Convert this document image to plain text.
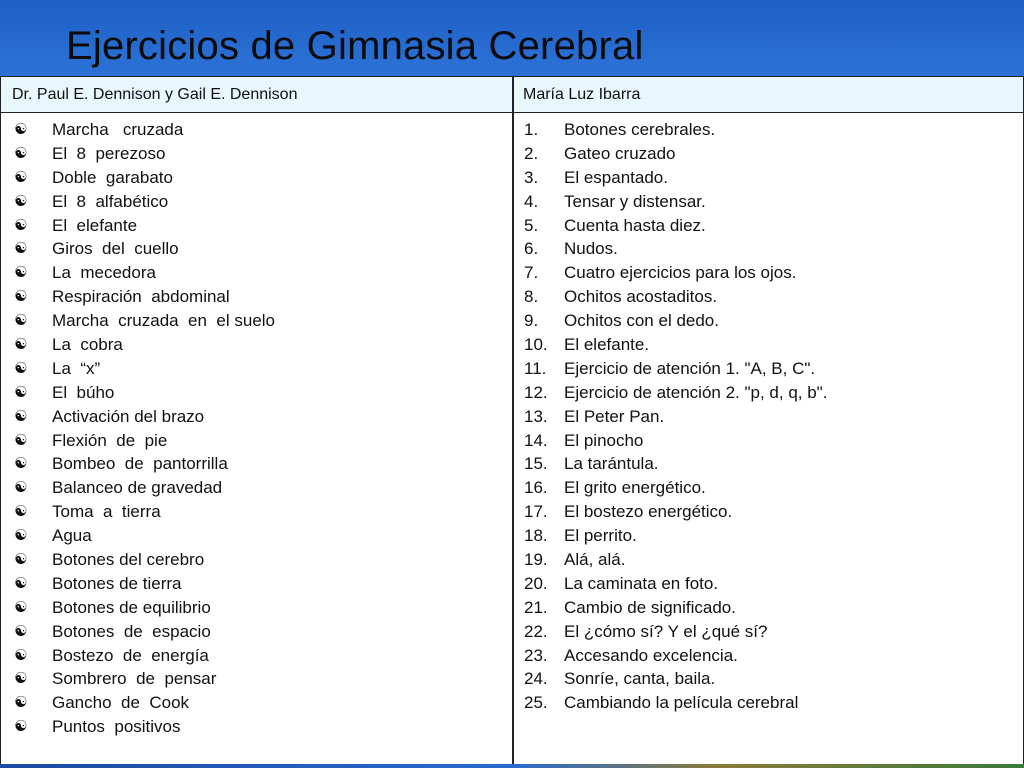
Ejercicios de Gimnasia Cerebral
Dr. Paul E. Dennison y Gail E. Dennison	María Luz Ibarra
☯ Marcha   cruzada
☯ El  8  perezoso
☯ Doble  garabato
☯ El  8  alfabético
☯ El  elefante
☯ Giros  del  cuello
☯ La  mecedora
☯ Respiración  abdominal
☯ Marcha  cruzada  en  el suelo
☯ La  cobra
☯ La  “x”
☯ El  búho
☯ Activación del brazo
☯ Flexión  de  pie
☯ Bombeo  de  pantorrilla
☯ Balanceo de gravedad
☯ Toma  a  tierra
☯ Agua
☯ Botones del cerebro
☯ Botones de tierra
☯ Botones de equilibrio
☯ Botones  de  espacio
☯ Bostezo  de  energía
☯ Sombrero  de  pensar
☯ Gancho  de  Cook
☯ Puntos  positivos
1.	Botones cerebrales.
2.	Gateo cruzado
3.	El espantado.
4.	Tensar y distensar.
5.	Cuenta hasta diez.
6.	Nudos.
7.	Cuatro ejercicios para los ojos.
8.	Ochitos acostaditos.
9.	Ochitos con el dedo.
10. El elefante.
11.	Ejercicio de atención 1. "A, B, C".
12. Ejercicio de atención 2. "p, d, q, b".
13. El Peter Pan.
14. El pinocho
15. La tarántula.
16. El grito energético.
17. El bostezo energético.
18. El perrito.
19. Alá, alá.
20. La caminata en foto.
21. Cambio de significado.
22. El ¿cómo sí? Y el ¿qué sí?
23. Accesando excelencia.
24. Sonríe, canta, baila.
25. Cambiando la película cerebral
